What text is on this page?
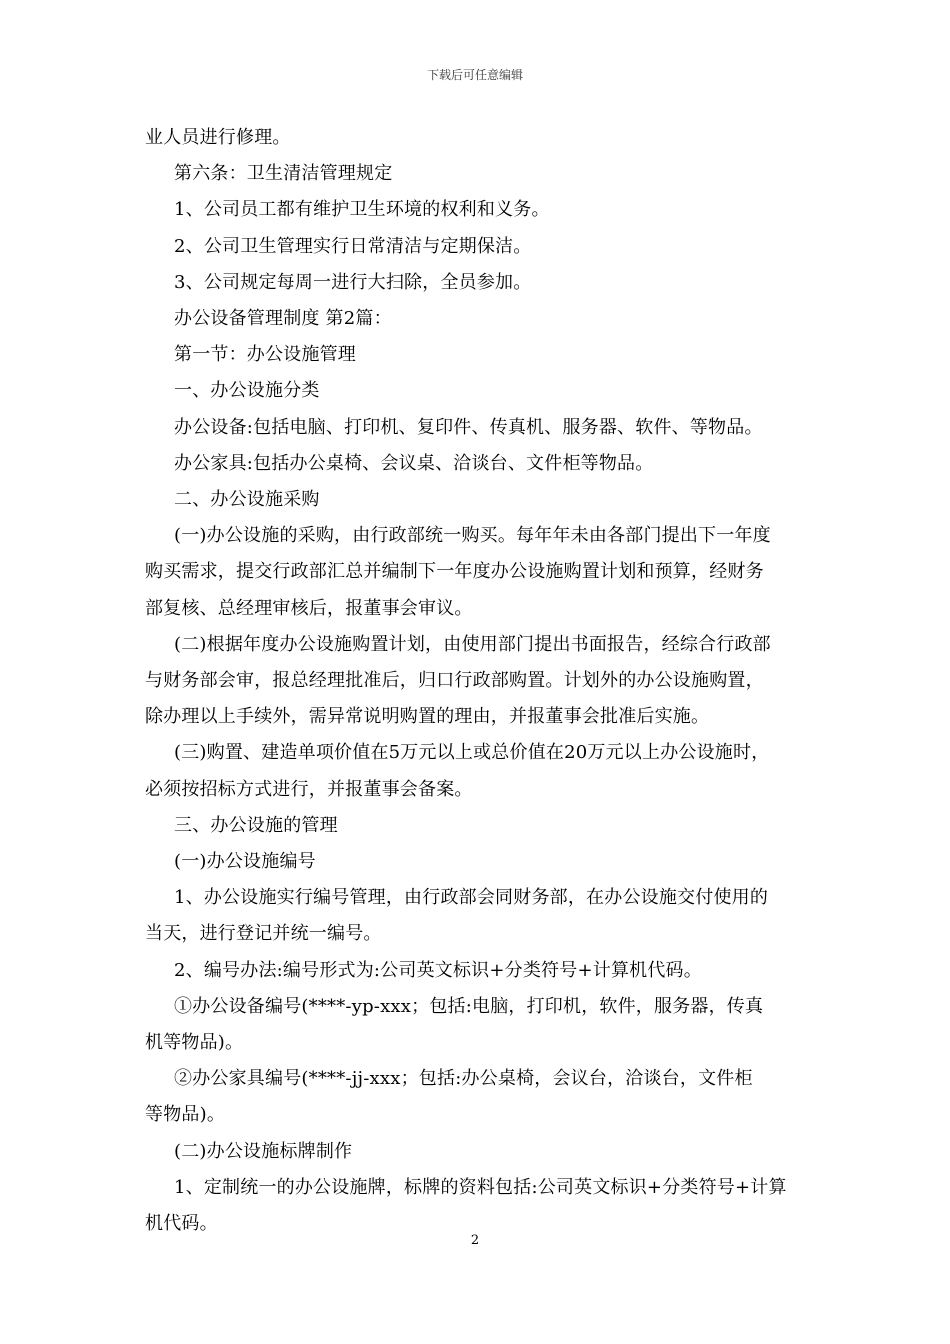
下载后可任意编辑

业人员进行修理。

第六条：卫生清洁管理规定

1、公司员工都有维护卫生环境的权利和义务。

2、公司卫生管理实行日常清洁与定期保洁。

3、公司规定每周一进行大扫除，全员参加。

办公设备管理制度 第2篇：

第一节：办公设施管理

一、办公设施分类

办公设备:包括电脑、打印机、复印件、传真机、服务器、软件、等物品。

办公家具:包括办公桌椅、会议桌、洽谈台、文件柜等物品。

二、办公设施采购

(一)办公设施的采购，由行政部统一购买。每年年未由各部门提出下一年度

购买需求，提交行政部汇总并编制下一年度办公设施购置计划和预算，经财务

部复核、总经理审核后，报董事会审议。

(二)根据年度办公设施购置计划，由使用部门提出书面报告，经综合行政部

与财务部会审，报总经理批准后，归口行政部购置。计划外的办公设施购置，

除办理以上手续外，需异常说明购置的理由，并报董事会批准后实施。

(三)购置、建造单项价值在5万元以上或总价值在20万元以上办公设施时，

必须按招标方式进行，并报董事会备案。

三、办公设施的管理

(一)办公设施编号

1、办公设施实行编号管理，由行政部会同财务部，在办公设施交付使用的

当天，进行登记并统一编号。

2、编号办法:编号形式为:公司英文标识+分类符号+计算机代码。

①办公设备编号(****-yp-xxx；包括:电脑，打印机，软件，服务器，传真

机等物品)。

②办公家具编号(****-jj-xxx；包括:办公桌椅，会议台，洽谈台，文件柜

等物品)。

(二)办公设施标牌制作

1、定制统一的办公设施牌，标牌的资料包括:公司英文标识+分类符号+计算

机代码。

2
